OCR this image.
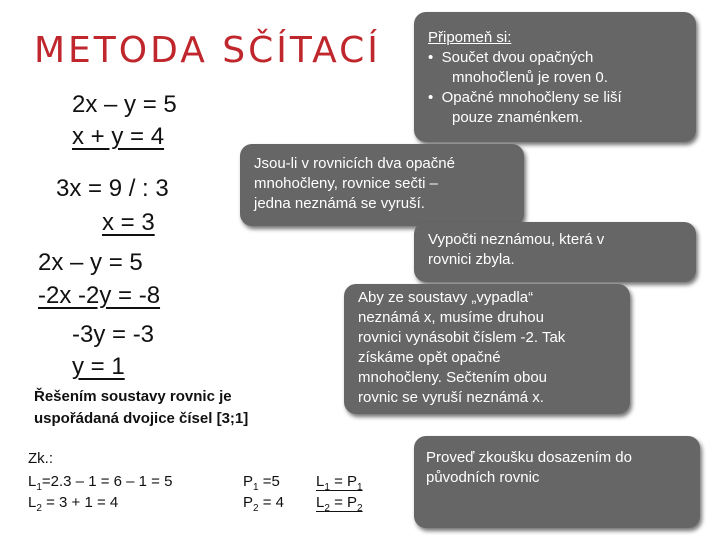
METODA SČÍTACÍ
2x – y = 5
x + y = 4
3x = 9 / : 3
x = 3
2x – y = 5
-2x -2y = -8
-3y = -3
y = 1
Řešením soustavy rovnic je
uspořádaná dvojice čísel [3;1]
Zk.:
$L_1=2.3 - 1 = 6 - 1 = 5$
$L_2 = 3 + 1 = 4$
$P_1 =5$
$P_2 = 4$
$L_1 = P_1$
$L_2 = P_2$
Připomeň si:
• Součet dvou opačných
mnohočlenů je roven 0.
• Opačné mnohočleny se liší
pouze znaménkem.
Jsou-li v rovnicích dva opačné
mnohočleny, rovnice sečti –
jedna neznámá se vyruší.
Vypočti neznámou, která v
rovnici zbyla.
Aby ze soustavy „vypadla“
neznámá x, musíme druhou
rovnici vynásobit číslem -2. Tak
získáme opět opačné
mnohočleny. Sečtením obou
rovnic se vyruší neznámá x.
Proveď zkoušku dosazením do
původních rovnic
